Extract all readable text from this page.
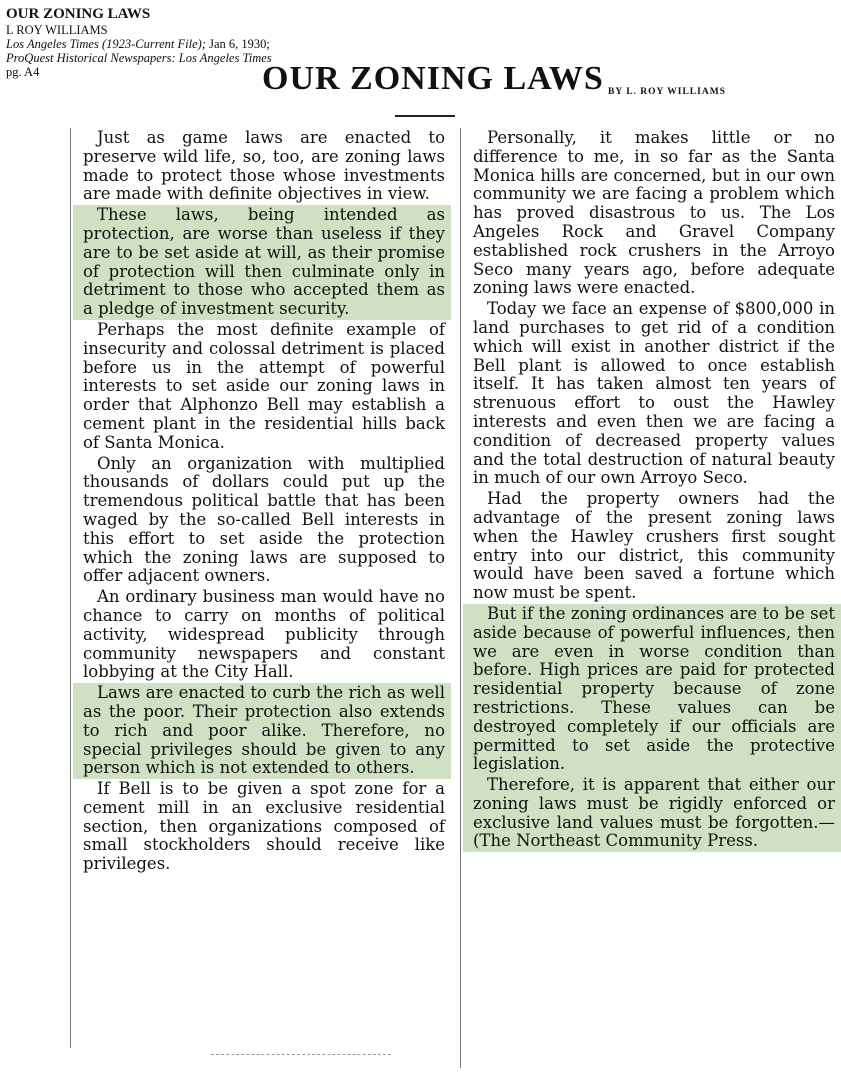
OUR ZONING LAWS
L ROY WILLIAMS
Los Angeles Times (1923-Current File); Jan 6, 1930;
ProQuest Historical Newspapers: Los Angeles Times
pg. A4	OUR ZONING LAWS BY L. ROY WILLIAMS

Just as game laws are enacted to preserve wild life, so, too, are zoning laws made to protect those whose investments are made with definite objectives in view.

These laws, being intended as protection, are worse than useless if they are to be set aside at will, as their promise of protection will then culminate only in detriment to those who accepted them as a pledge of investment security.

Perhaps the most definite example of insecurity and colossal detriment is placed before us in the attempt of powerful interests to set aside our zoning laws in order that Alphonzo Bell may establish a cement plant in the residential hills back of Santa Monica.

Only an organization with multiplied thousands of dollars could put up the tremendous political battle that has been waged by the so-called Bell interests in this effort to set aside the protection which the zoning laws are supposed to offer adjacent owners.

An ordinary business man would have no chance to carry on months of political activity, widespread publicity through community newspapers and constant lobbying at the City Hall.

Laws are enacted to curb the rich as well as the poor. Their protection also extends to rich and poor alike. Therefore, no special privileges should be given to any person which is not extended to others.

If Bell is to be given a spot zone for a cement mill in an exclusive residential section, then organizations composed of small stockholders should receive like privileges.

Personally, it makes little or no difference to me, in so far as the Santa Monica hills are concerned, but in our own community we are facing a problem which has proved disastrous to us. The Los Angeles Rock and Gravel Company established rock crushers in the Arroyo Seco many years ago, before adequate zoning laws were enacted.

Today we face an expense of $800,000 in land purchases to get rid of a condition which will exist in another district if the Bell plant is allowed to once establish itself. It has taken almost ten years of strenuous effort to oust the Hawley interests and even then we are facing a condition of decreased property values and the total destruction of natural beauty in much of our own Arroyo Seco.

Had the property owners had the advantage of the present zoning laws when the Hawley crushers first sought entry into our district, this community would have been saved a fortune which now must be spent.

But if the zoning ordinances are to be set aside because of powerful influences, then we are even in worse condition than before. High prices are paid for protected residential property because of zone restrictions. These values can be destroyed completely if our officials are permitted to set aside the protective legislation.

Therefore, it is apparent that either our zoning laws must be rigidly enforced or exclusive land values must be forgotten.—(The Northeast Community Press.
